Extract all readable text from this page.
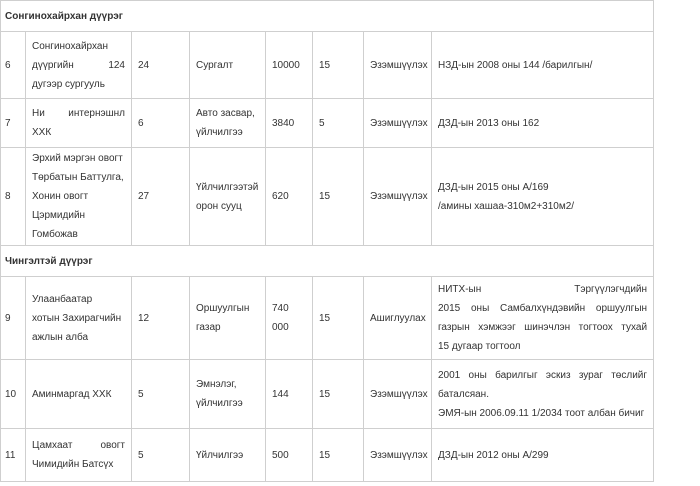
Сонгинохайрхан дүүрэг							
6	Сонгинохайрхан
дүүргийн 124
дугээр сургууль	24	Сургалт	10000	15	Эзэмшүүлэх	НЗД-ын 2008 оны 144 /барилгын/

7	Ни интернэшнл
ХХК	6	Авто засвар,
үйлчилгээ	3840	5	Эзэмшүүлэх	ДЗД-ын 2013 оны 162

8	Эрхий мэргэн овогт
Төрбатын Баттулга,
Хонин овогт
Цэрмидийн
Гомбожав	27	Үйлчилгээтэй
орон сууц	620	15	Эзэмшүүлэх	ДЗД-ын 2015 оны А/169
/амины хашаа-310м2+310м2/

Чингэлтэй дүүрэг							
9	Улаанбаатар
хотын Захирагчийн
ажлын алба	12	Оршуулгын
газар	740
000	15	Ашиглуулах	НИТХ-ын Тэргүүлэгчдийн
2015 оны Самбалхүндэвийн оршуулгын
газрын хэмжээг шинэчлэн тогтоох тухай
15 дугаар тогтоол

10	Аминмаргад ХХК	5	Эмнэлэг,
үйлчилгээ	144	15	Эзэмшүүлэх	2001 оны барилгыг эскиз зураг төслийг
баталсяан.
ЭМЯ-ын 2006.09.11 1/2034 тоот албан бичиг

11	Цамхаат овогт
Чимидийн Батсүх	5	Үйлчилгээ	500	15	Эзэмшүүлэх	ДЗД-ын 2012 оны А/299
